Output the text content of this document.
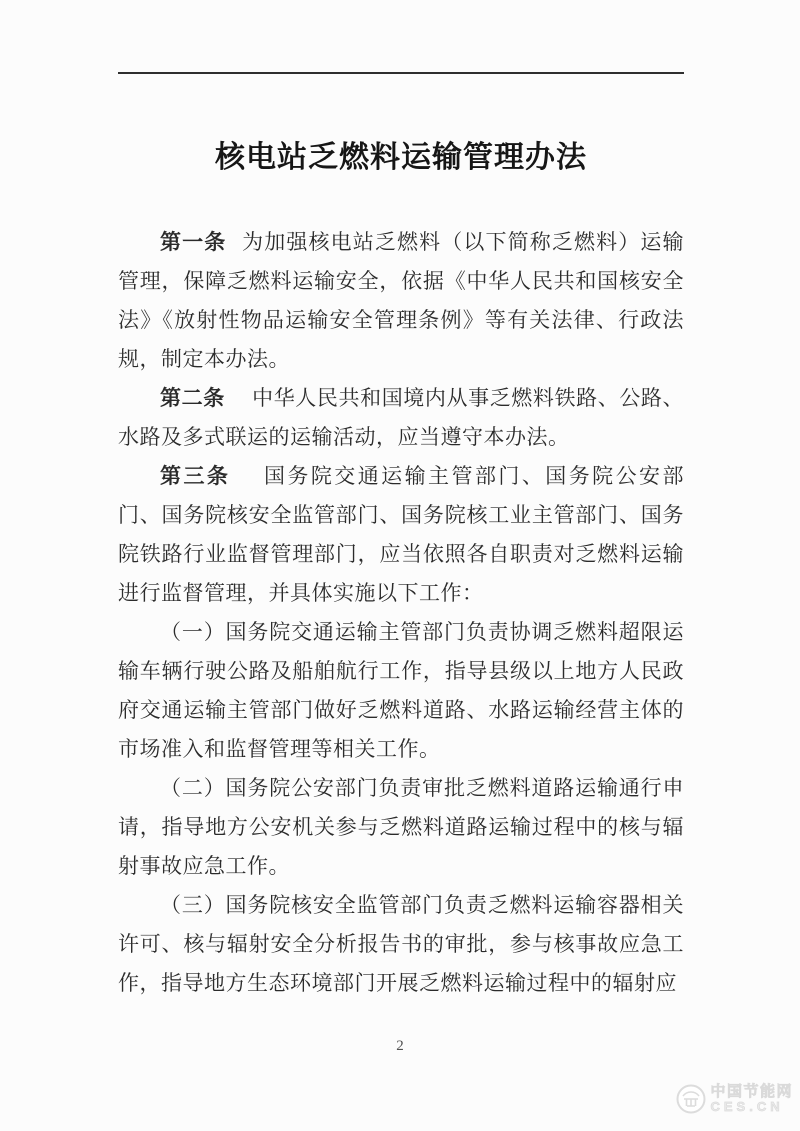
核电站乏燃料运输管理办法

第一条 为加强核电站乏燃料（以下简称乏燃料）运输管理，保障乏燃料运输安全，依据《中华人民共和国核安全法》《放射性物品运输安全管理条例》等有关法律、行政法规，制定本办法。

第二条 中华人民共和国境内从事乏燃料铁路、公路、水路及多式联运的运输活动，应当遵守本办法。

第三条 国务院交通运输主管部门、国务院公安部门、国务院核安全监管部门、国务院核工业主管部门、国务院铁路行业监督管理部门，应当依照各自职责对乏燃料运输进行监督管理，并具体实施以下工作：

（一）国务院交通运输主管部门负责协调乏燃料超限运输车辆行驶公路及船舶航行工作，指导县级以上地方人民政府交通运输主管部门做好乏燃料道路、水路运输经营主体的市场准入和监督管理等相关工作。

（二）国务院公安部门负责审批乏燃料道路运输通行申请，指导地方公安机关参与乏燃料道路运输过程中的核与辐射事故应急工作。

（三）国务院核安全监管部门负责乏燃料运输容器相关许可、核与辐射安全分析报告书的审批，参与核事故应急工作，指导地方生态环境部门开展乏燃料运输过程中的辐射应

2
中国节能网
CES.CN
